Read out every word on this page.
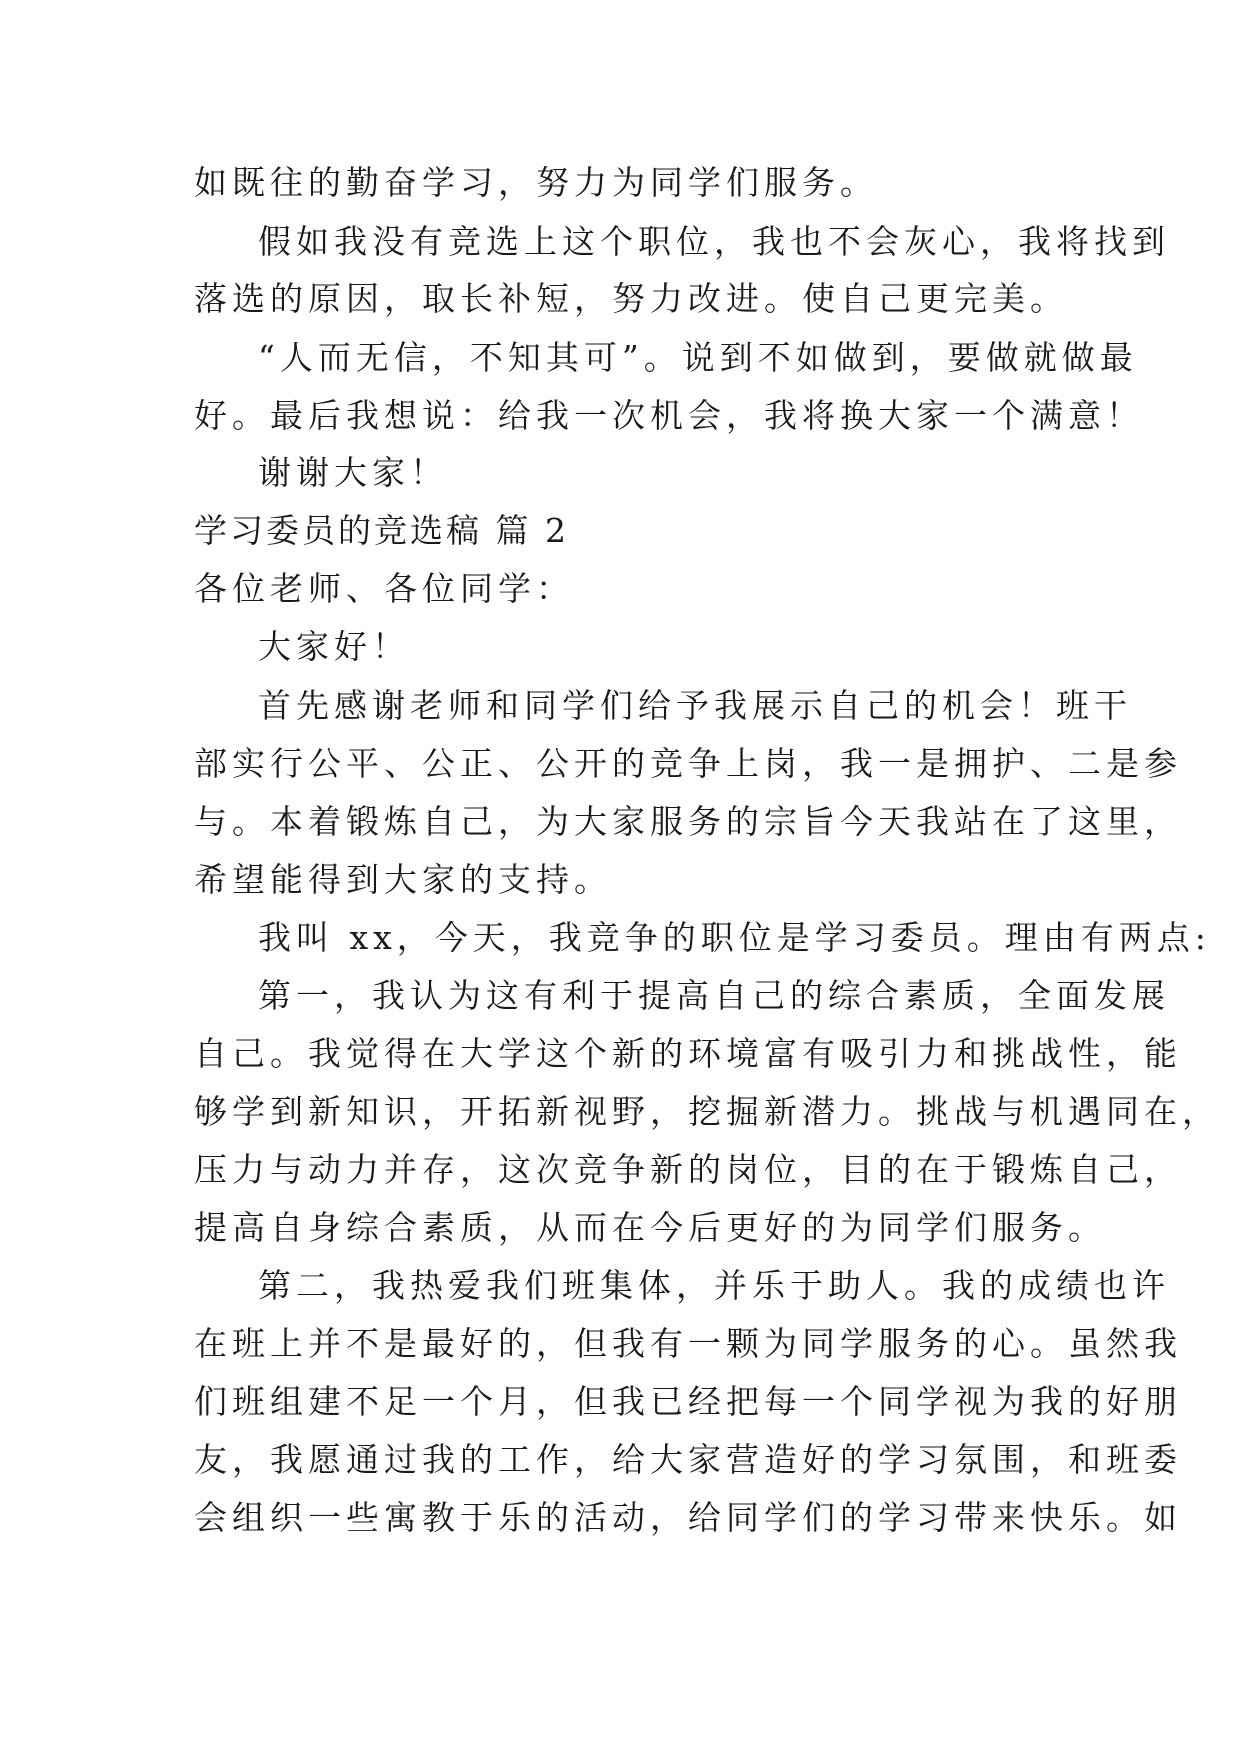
如既往的勤奋学习，努力为同学们服务。
假如我没有竞选上这个职位，我也不会灰心，我将找到
落选的原因，取长补短，努力改进。使自己更完美。
“人而无信，不知其可”。说到不如做到，要做就做最
好。最后我想说：给我一次机会，我将换大家一个满意！
谢谢大家！
学习委员的竞选稿 篇 2
各位老师、各位同学：
大家好！
首先感谢老师和同学们给予我展示自己的机会！班干
部实行公平、公正、公开的竞争上岗，我一是拥护、二是参
与。本着锻炼自己，为大家服务的宗旨今天我站在了这里，
希望能得到大家的支持。
我叫 xx，今天，我竞争的职位是学习委员。理由有两点:
第一，我认为这有利于提高自己的综合素质，全面发展
自己。我觉得在大学这个新的环境富有吸引力和挑战性，能
够学到新知识，开拓新视野，挖掘新潜力。挑战与机遇同在，
压力与动力并存，这次竞争新的岗位，目的在于锻炼自己，
提高自身综合素质，从而在今后更好的为同学们服务。
第二，我热爱我们班集体，并乐于助人。我的成绩也许
在班上并不是最好的，但我有一颗为同学服务的心。虽然我
们班组建不足一个月，但我已经把每一个同学视为我的好朋
友，我愿通过我的工作，给大家营造好的学习氛围，和班委
会组织一些寓教于乐的活动，给同学们的学习带来快乐。如
